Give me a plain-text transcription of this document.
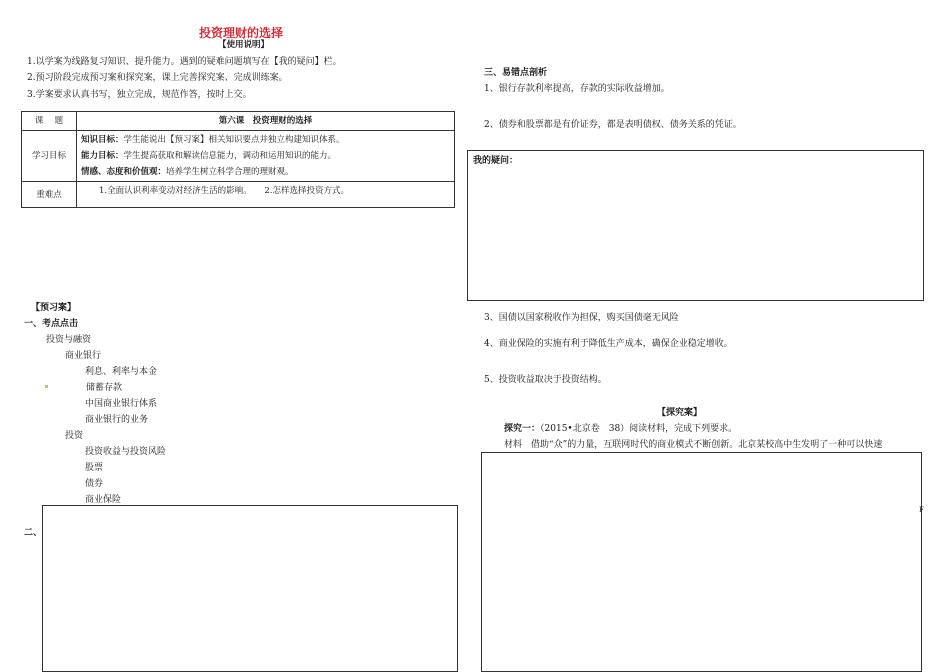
投资理财的选择
【使用说明】
1.以学案为线路复习知识、提升能力。遇到的疑难问题填写在【我的疑问】栏。
2.预习阶段完成预习案和探究案，课上完善探究案、完成训练案。
3.学案要求认真书写，独立完成，规范作答，按时上交。
课　 题	第六课　投资理财的选择
学习目标	知识目标：学生能说出【预习案】相关知识要点并独立构建知识体系。
能力目标：学生提高获取和解读信息能力，调动和运用知识的能力。
情感、态度和价值观：培养学生树立科学合理的理财观。

重难点	1.全面认识利率变动对经济生活的影响。　　2.怎样选择投资方式。
【预习案】
一、考点点击
投资与融资
商业银行
利息、利率与本金
储蓄存款
中国商业银行体系
商业银行的业务
投资
投资收益与投资风险
股票
债券
商业保险
二、
三、易错点剖析
1、银行存款利率提高，存款的实际收益增加。
2、债券和股票都是有价证券，都是表明债权、债务关系的凭证。
我的疑问：
3、国债以国家税收作为担保，购买国债毫无风险
4、商业保险的实施有利于降低生产成本，确保企业稳定增收。
5、投资收益取决于投资结构。
【探究案】
探究一：（2015•北京卷　38）阅读材料，完成下列要求。
材料　借助“众”的力量，互联网时代的商业模式不断创新。北京某校高中生发明了一种可以快速
F
